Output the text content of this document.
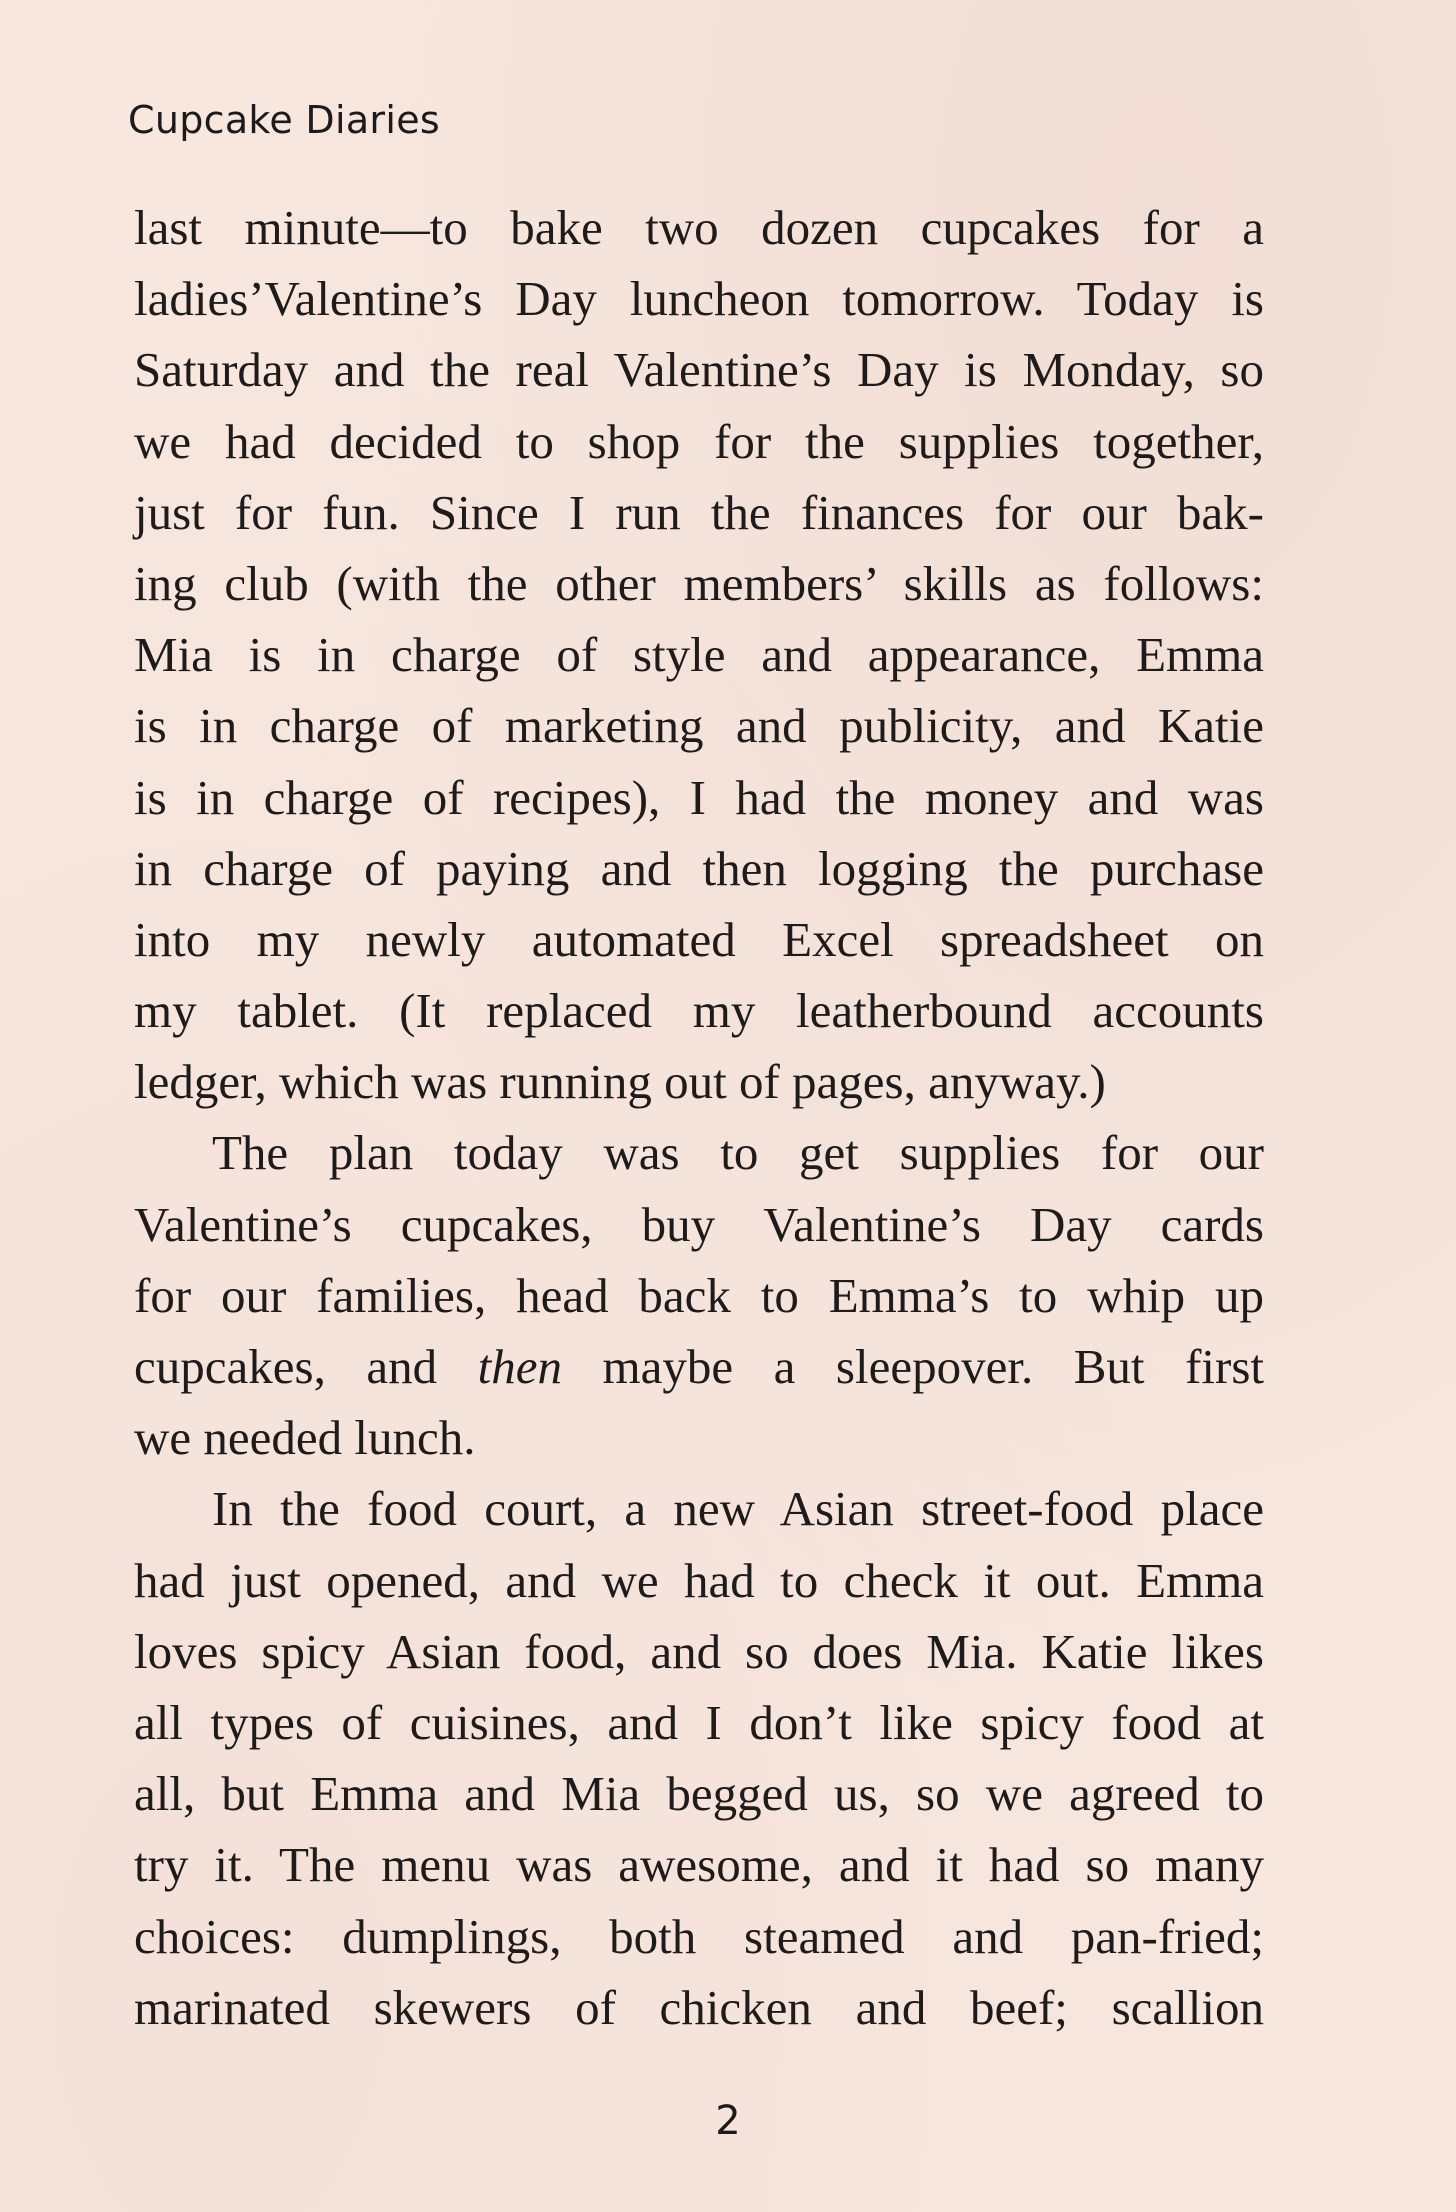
Cupcake Diaries
last minute—to bake two dozen cupcakes for a
ladies’Valentine’s Day luncheon tomorrow. Today is
Saturday and the real Valentine’s Day is Monday, so
we had decided to shop for the supplies together,
just for fun. Since I run the finances for our bak-
ing club (with the other members’ skills as follows:
Mia is in charge of style and appearance, Emma
is in charge of marketing and publicity, and Katie
is in charge of recipes), I had the money and was
in charge of paying and then logging the purchase
into my newly automated Excel spreadsheet on
my tablet. (It replaced my leatherbound accounts
ledger, which was running out of pages, anyway.)
The plan today was to get supplies for our
Valentine’s cupcakes, buy Valentine’s Day cards
for our families, head back to Emma’s to whip up
cupcakes, and then maybe a sleepover. But first
we needed lunch.
In the food court, a new Asian street-food place
had just opened, and we had to check it out. Emma
loves spicy Asian food, and so does Mia. Katie likes
all types of cuisines, and I don’t like spicy food at
all, but Emma and Mia begged us, so we agreed to
try it. The menu was awesome, and it had so many
choices: dumplings, both steamed and pan-fried;
marinated skewers of chicken and beef; scallion
2
